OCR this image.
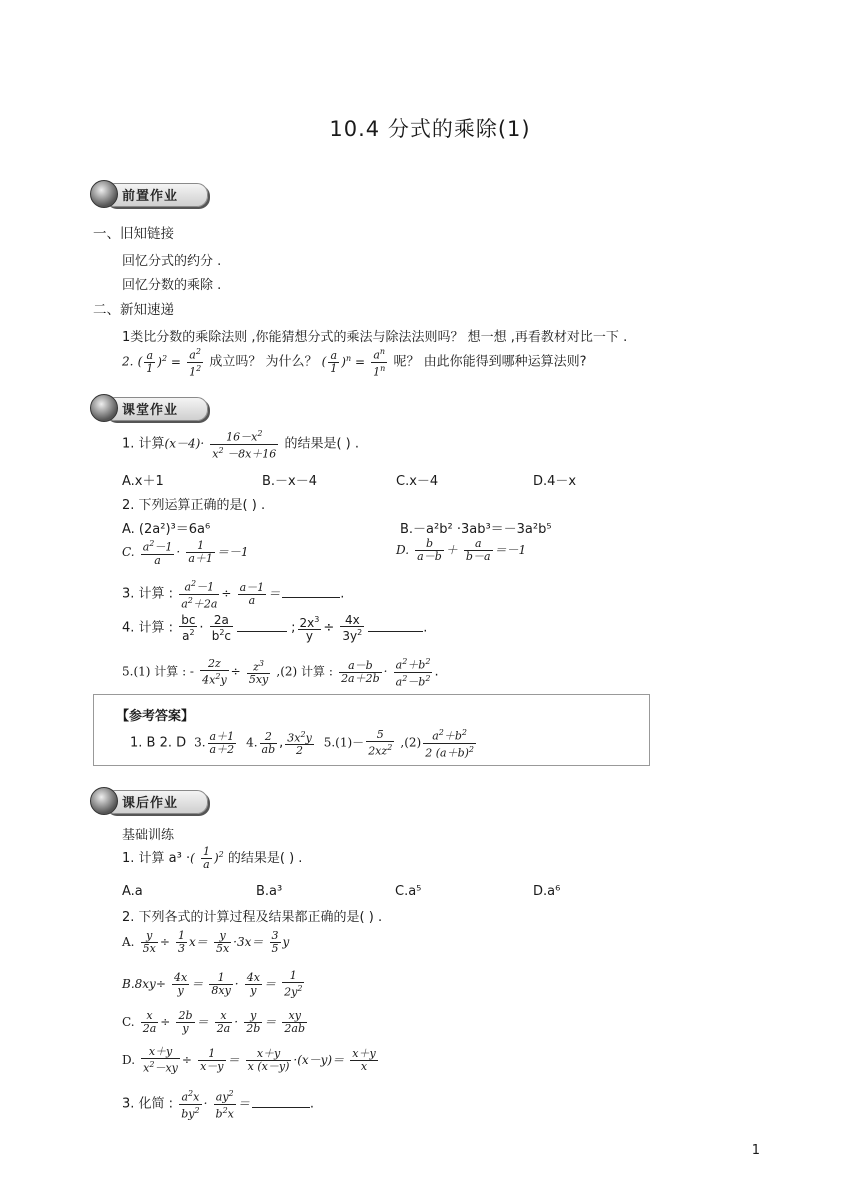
10.4 分式的乘除(1)
前置作业
一、旧知链接
回忆分式的约分 .
回忆分数的乘除 .
二、新知速递
1类比分数的乘除法则 ,你能猜想分式的乘法与除法法则吗？ 想一想 ,再看教材对比一下 .
2. ( $\frac{a}{1} )^2 = \frac{a^2}{1^2}$ 成立吗？ 为什么？ ( $\frac{a}{1} )^n = \frac{a^n}{1^n}$ 呢？ 由此你能得到哪种运算法则?
课堂作业
1. 计算$(x-4)\cdot \frac{16-x^2}{x^2 -8x+16}$ 的结果是( ) .
A.x＋1	B.－x－4	C.x－4	D.4－x
2. 下列运算正确的是( ) .
A. (2a²)³＝6a⁶	B.－a²b² ·3ab³＝－3a²b⁵
C. $\frac{a^2-1}{a} \cdot \frac{1}{a+1} =-1$	D. $\frac{b}{a-b} + \frac{a}{b-a} =-1$
3. 计算 : $\frac{a^2-1}{a^2+2a} \div \frac{a-1}{a}$ ＝	.
4. 计算 : $\frac{bc}{a^2} \cdot \frac{2a}{b^2c}$	; $\frac{2x^3}{y} \div \frac{4x}{3y^2}$	.
5.(1) 计算 : - $\frac{2z}{4x^2y} \div \frac{z^3}{5xy} ,(2)$ 计算 : $\frac{a-b}{2a+2b} \cdot \frac{a^2+b^2}{a^2-b^2}$ .
【参考答案】
1. B 2. D  3. $\frac{a+1}{a+2} 4$. $\frac{2}{ab}$ , $\frac{3x^2y}{2} 5.(1)- \frac{5}{2xz^2} ,(2) \frac{a^2+b^2}{2 (a+b)^2}$
课后作业
基础训练
1. 计算 a³ ·( $\frac{1}{a} )^2$ 的结果是( ) .
A.a	B.a³	C.a⁵	D.a⁶
2. 下列各式的计算过程及结果都正确的是( ) .
A. $\frac{y}{5x} \div \frac{1}{3} x= \frac{y}{5x} \cdot 3x= \frac{3}{5}$ y
$B.8xy\div \frac{4x}{y} = \frac{1}{8xy} \cdot \frac{4x}{y} = \frac{1}{2y^2}$
C. $\frac{x}{2a} \div \frac{2b}{y} = \frac{x}{2a} \cdot \frac{y}{2b} = \frac{xy}{2ab}$
D. $\frac{x+y}{x^2-xy} \div \frac{1}{x-y} = \frac{x+y}{x (x-y)} \cdot(x-y)= \frac{x+y}{x}$
3. 化简 : $\frac{a^2x}{by^2} \cdot \frac{ay^2}{b^2x}$ ＝	.
1
